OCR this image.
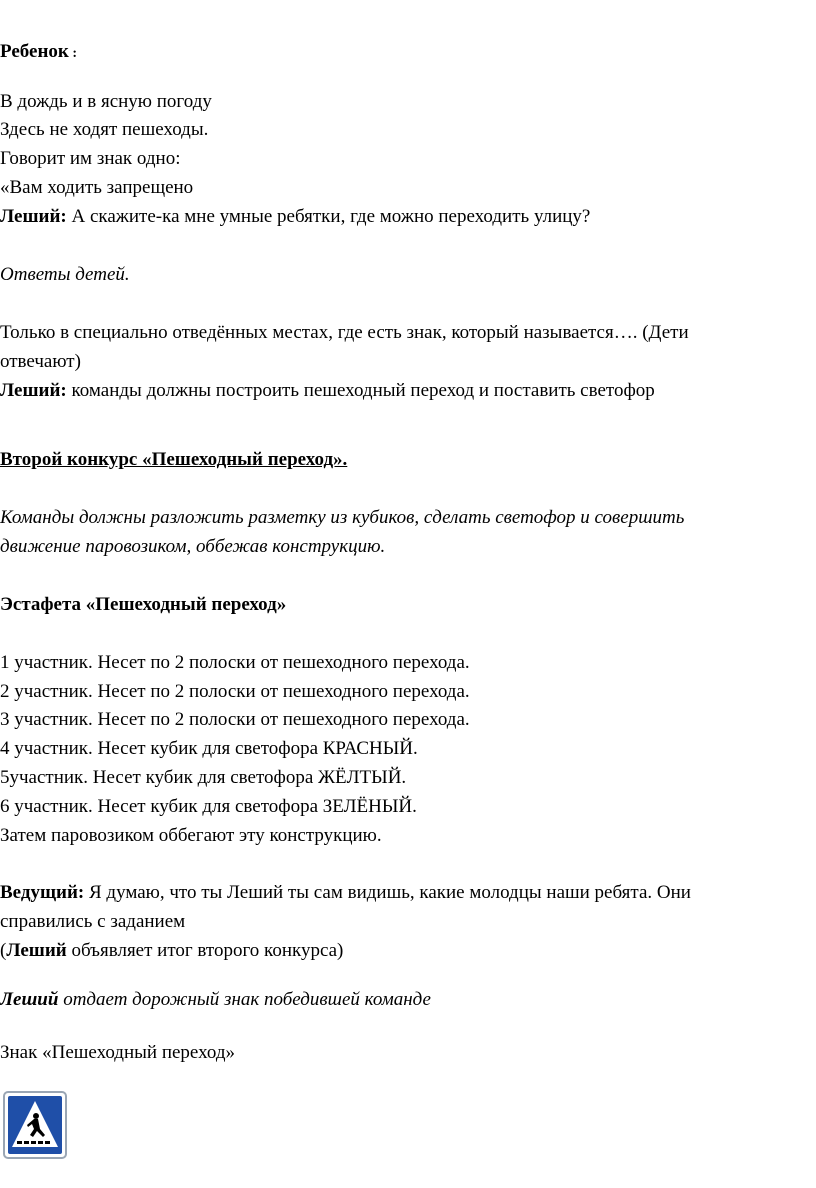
Ребенок :
В дождь и в ясную погоду
Здесь не ходят пешеходы.
Говорит им знак одно:
«Вам ходить запрещено
Леший: А скажите-ка мне умные ребятки, где можно переходить улицу?
Ответы детей.
Только в специально отведённых местах, где есть знак, который называется…. (Дети
отвечают)
Леший: команды должны построить пешеходный переход и поставить светофор
Второй конкурс «Пешеходный переход».
Команды должны разложить разметку из кубиков, сделать светофор и совершить
движение паровозиком, оббежав конструкцию.
Эстафета «Пешеходный переход»
1 участник. Несет по 2 полоски от пешеходного перехода.
2 участник. Несет по 2 полоски от пешеходного перехода.
3 участник. Несет по 2 полоски от пешеходного перехода.
4 участник. Несет кубик для светофора КРАСНЫЙ.
5участник. Несет кубик для светофора ЖЁЛТЫЙ.
6 участник. Несет кубик для светофора ЗЕЛЁНЫЙ.
Затем паровозиком оббегают эту конструкцию.
Ведущий: Я думаю, что ты Леший ты сам видишь, какие молодцы наши ребята. Они
справились с заданием
(Леший объявляет итог второго конкурса)
Леший отдает дорожный знак победившей команде
Знак «Пешеходный переход»
